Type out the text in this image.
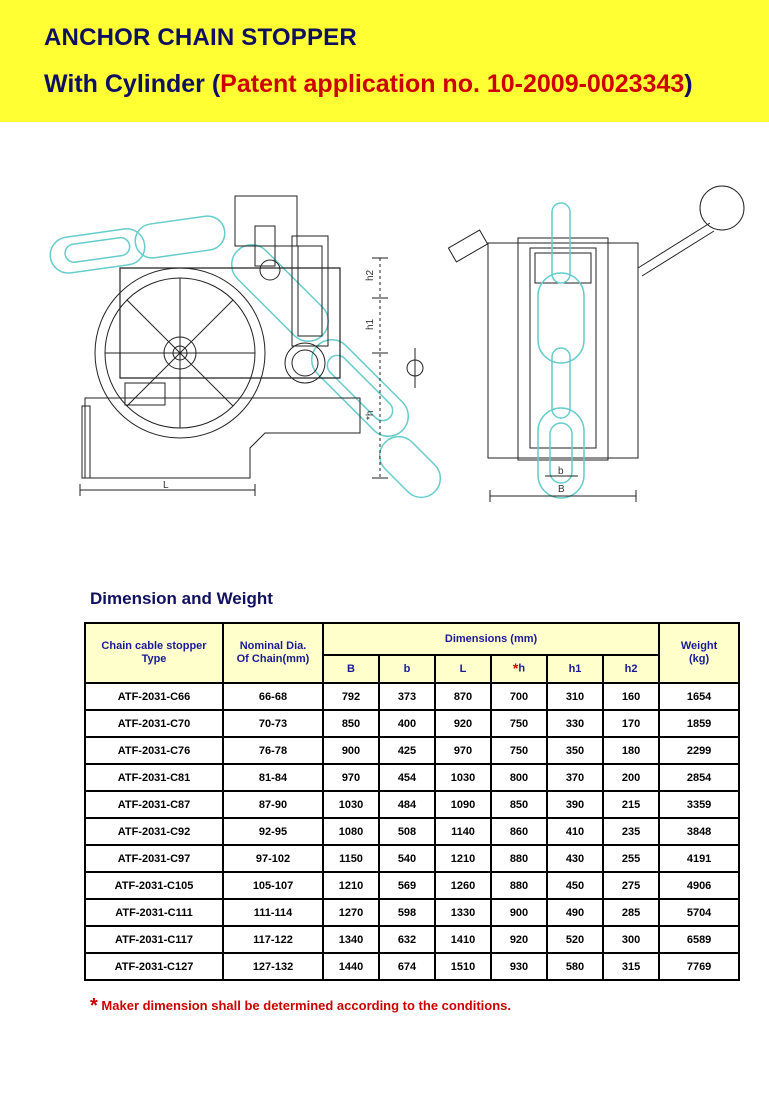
ANCHOR CHAIN STOPPER
With Cylinder (Patent application no. 10-2009-0023343)
L
h2
h1
*h
b
B
Dimension and Weight
Chain cable stopper
Type	Nominal Dia.
Of Chain(mm)	Dimensions (mm)						Weight
(kg)
		B	b	L	*h	h1	h2	
ATF-2031-C66	66-68	792	373	870	700	310	160	1654
ATF-2031-C70	70-73	850	400	920	750	330	170	1859
ATF-2031-C76	76-78	900	425	970	750	350	180	2299
ATF-2031-C81	81-84	970	454	1030	800	370	200	2854
ATF-2031-C87	87-90	1030	484	1090	850	390	215	3359
ATF-2031-C92	92-95	1080	508	1140	860	410	235	3848
ATF-2031-C97	97-102	1150	540	1210	880	430	255	4191
ATF-2031-C105	105-107	1210	569	1260	880	450	275	4906
ATF-2031-C111	111-114	1270	598	1330	900	490	285	5704
ATF-2031-C117	117-122	1340	632	1410	920	520	300	6589
ATF-2031-C127	127-132	1440	674	1510	930	580	315	7769
* Maker dimension shall be determined according to the conditions.
